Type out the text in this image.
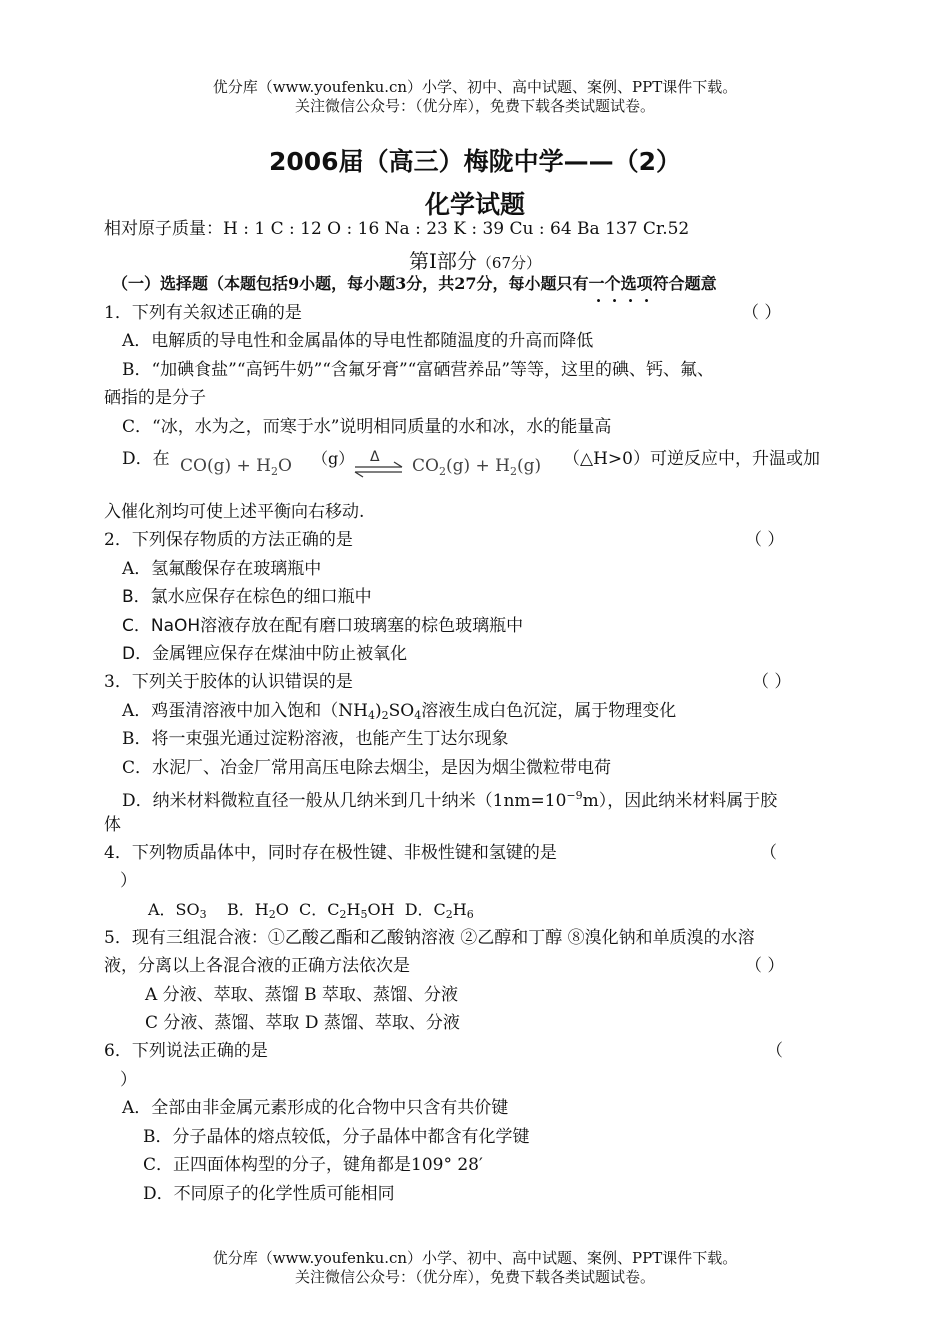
优分库（www.youfenku.cn）小学、初中、高中试题、案例、PPT课件下载。
关注微信公众号：（优分库），免费下载各类试题试卷。
2006届（高三）梅陇中学——（2）
化学试题
相对原子质量：H : 1 C : 12 O : 16 Na : 23 K : 39 Cu : 64 Ba 137 Cr.52
第Ⅰ部分（67分）
（一）选择题（本题包括9小题，每小题3分，共27分，每小题只有一个选项符合题意
1．下列有关叙述正确的是	（ ）
A．电解质的导电性和金属晶体的导电性都随温度的升高而降低
B．“加碘食盐”“高钙牛奶”“含氟牙膏”“富硒营养品”等等，这里的碘、钙、氟、
硒指的是分子
C．“冰，水为之，而寒于水”说明相同质量的水和冰，水的能量高
D．在 $CO(g) + H_2O$ （g） Δ $CO_2(g) + H_2(g)$ （△H>0）可逆反应中，升温或加
入催化剂均可使上述平衡向右移动.
2．下列保存物质的方法正确的是	（ ）
A．氢氟酸保存在玻璃瓶中
B．氯水应保存在棕色的细口瓶中
C．NaOH溶液存放在配有磨口玻璃塞的棕色玻璃瓶中
D．金属锂应保存在煤油中防止被氧化
3．下列关于胶体的认识错误的是	（ ）
A．鸡蛋清溶液中加入饱和$(NH_4)_2SO_4$溶液生成白色沉淀，属于物理变化
B．将一束强光通过淀粉溶液，也能产生丁达尔现象
C．水泥厂、冶金厂常用高压电除去烟尘，是因为烟尘微粒带电荷
D．纳米材料微粒直径一般从几纳米到几十纳米$(1nm=10^{-9}m)$，因此纳米材料属于胶
体
4．下列物质晶体中，同时存在极性键、非极性键和氢键的是	（
）
A．$SO_3$ B．$H_2O$ C．$C_2H_5OH$ D．$C_2H_6$
5．现有三组混合液：①乙酸乙酯和乙酸钠溶液 ②乙醇和丁醇 ⑧溴化钠和单质溴的水溶
液，分离以上各混合液的正确方法依次是	（ ）
A 分液、萃取、蒸馏 B 萃取、蒸馏、分液
C 分液、蒸馏、萃取 D 蒸馏、萃取、分液
6．下列说法正确的是	（
）
A．全部由非金属元素形成的化合物中只含有共价键
B．分子晶体的熔点较低，分子晶体中都含有化学键
C．正四面体构型的分子，键角都是109° 28′
D．不同原子的化学性质可能相同
优分库（www.youfenku.cn）小学、初中、高中试题、案例、PPT课件下载。
关注微信公众号：（优分库），免费下载各类试题试卷。
